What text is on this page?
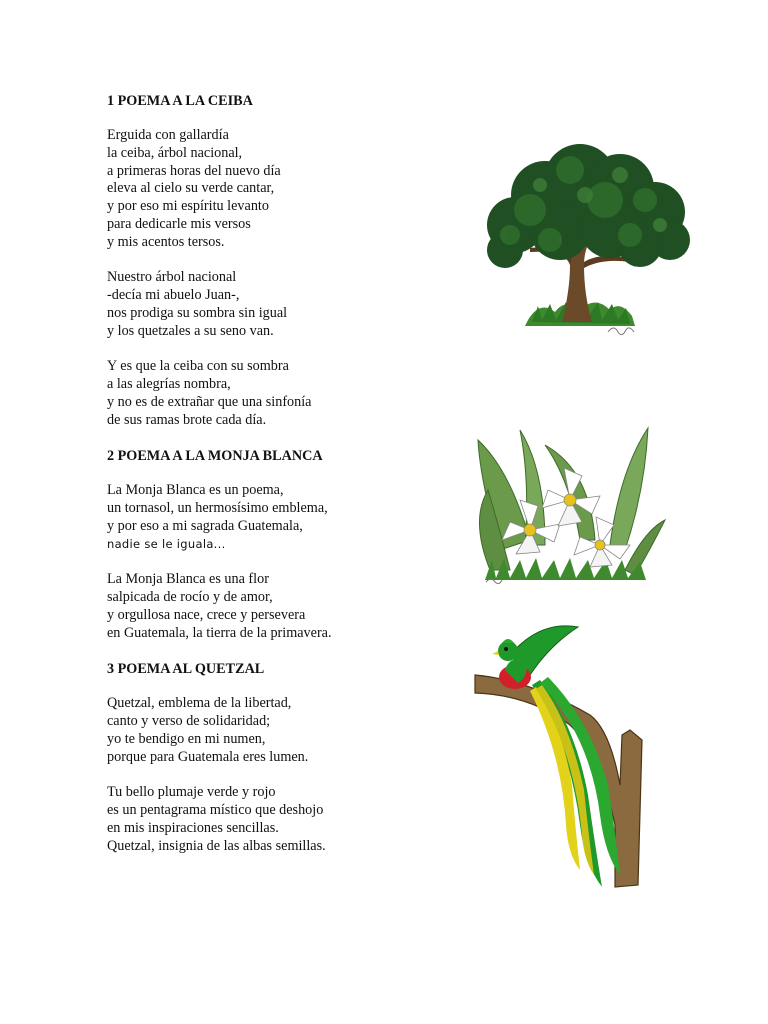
1 POEMA A LA CEIBA
Erguida con gallardía
la ceiba, árbol nacional,
a primeras horas del nuevo día
eleva al cielo su verde cantar,
y por eso mi espíritu levanto
para dedicarle mis versos
y mis acentos tersos.
Nuestro árbol nacional
-decía mi abuelo Juan-,
nos prodiga su sombra sin igual
y los quetzales a su seno van.
Y es que la ceiba con su sombra
a las alegrías nombra,
y no es de extrañar que una sinfonía
de sus ramas brote cada día.
2 POEMA A LA MONJA BLANCA
La Monja Blanca es un poema,
un tornasol, un hermosísimo emblema,
y por eso a mi sagrada Guatemala,
nadie se le iguala...
La Monja Blanca es una flor
salpicada de rocío y de amor,
y orgullosa nace, crece y persevera
en Guatemala, la tierra de la primavera.
3 POEMA AL QUETZAL
Quetzal, emblema de la libertad,
canto y verso de solidaridad;
yo te bendigo en mi numen,
porque para Guatemala eres lumen.
Tu bello plumaje verde y rojo
es un pentagrama místico que deshojo
en mis inspiraciones sencillas.
Quetzal, insignia de las albas semillas.
